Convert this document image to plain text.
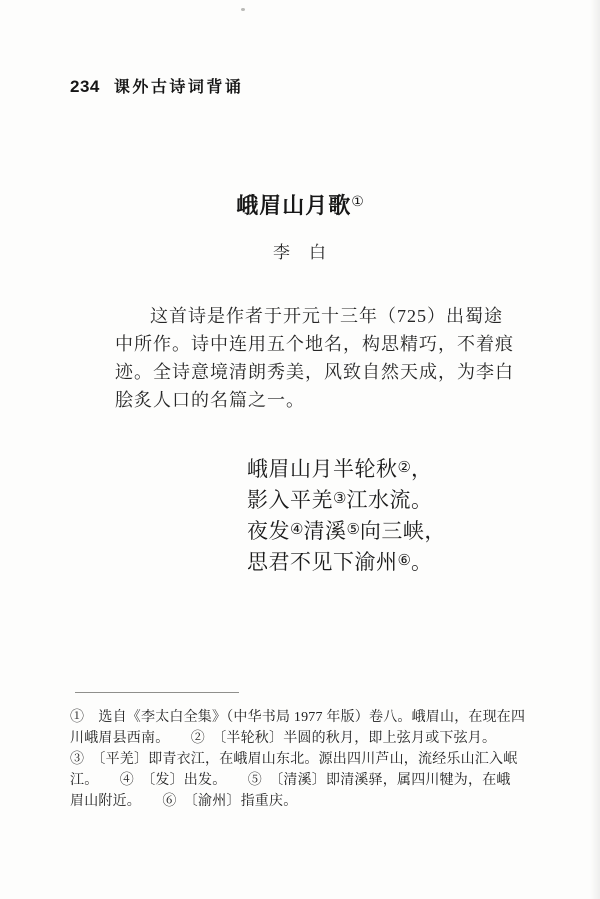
234 课外古诗词背诵
峨眉山月歌①
李　白
这首诗是作者于开元十三年（725）出蜀途
中所作。诗中连用五个地名，构思精巧，不着痕
迹。全诗意境清朗秀美，风致自然天成，为李白
脍炙人口的名篇之一。
峨眉山月半轮秋②，
影入平羌③江水流。
夜发④清溪⑤向三峡，
思君不见下渝州⑥。
①　选自《李太白全集》（中华书局 1977 年版）卷八。峨眉山，在现在四
川峨眉县西南。　　②　〔半轮秋〕半圆的秋月，即上弦月或下弦月。
③　〔平羌〕即青衣江，在峨眉山东北。源出四川芦山，流经乐山汇入岷
江。　　④　〔发〕出发。　　⑤　〔清溪〕即清溪驿，属四川犍为，在峨
眉山附近。　　⑥　〔渝州〕指重庆。
